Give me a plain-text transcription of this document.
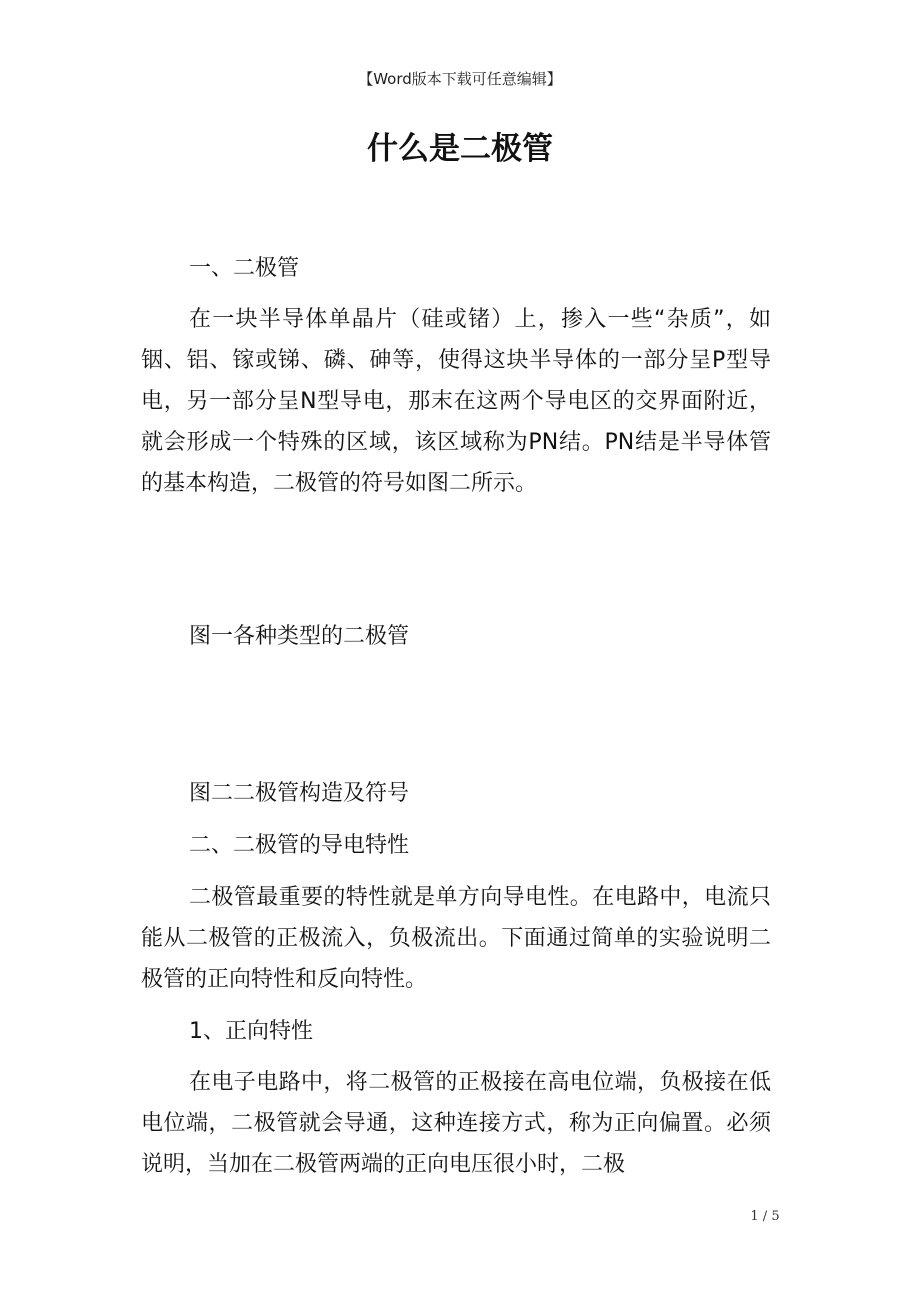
【Word版本下载可任意编辑】
什么是二极管
一、二极管

在一块半导体单晶片（硅或锗）上，掺入一些“杂质”，如铟、铝、镓或锑、磷、砷等，使得这块半导体的一部分呈P型导电，另一部分呈N型导电，那末在这两个导电区的交界面附近，就会形成一个特殊的区域，该区域称为PN结。PN结是半导体管的基本构造，二极管的符号如图二所示。

图一各种类型的二极管
图二二极管构造及符号
二、二极管的导电特性

二极管最重要的特性就是单方向导电性。在电路中，电流只能从二极管的正极流入，负极流出。下面通过简单的实验说明二极管的正向特性和反向特性。

1、正向特性

在电子电路中，将二极管的正极接在高电位端，负极接在低电位端，二极管就会导通，这种连接方式，称为正向偏置。必须说明，当加在二极管两端的正向电压很小时，二极

1 / 5
